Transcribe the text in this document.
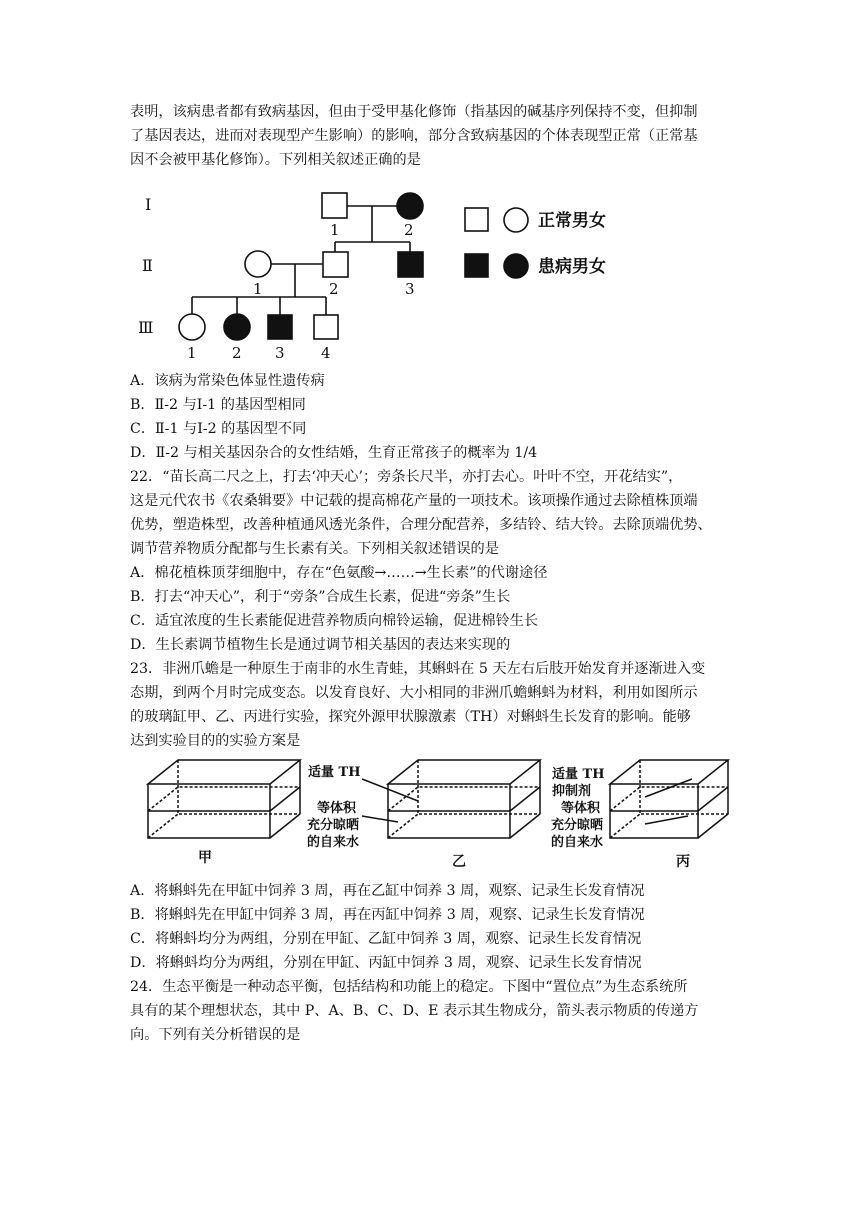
表明，该病患者都有致病基因，但由于受甲基化修饰（指基因的碱基序列保持不变，但抑制
了基因表达，进而对表现型产生影响）的影响，部分含致病基因的个体表现型正常（正常基
因不会被甲基化修饰）。下列相关叙述正确的是
Ⅰ
Ⅱ
Ⅲ
1	2
1	2	3
1 2 3 4
正常男女
患病男女
A．该病为常染色体显性遗传病
B．Ⅱ-2 与Ⅰ-1 的基因型相同
C．Ⅱ-1 与Ⅰ-2 的基因型不同
D．Ⅱ-2 与相关基因杂合的女性结婚，生育正常孩子的概率为 1/4
22．“苗长高二尺之上，打去‘冲天心’；旁条长尺半，亦打去心。叶叶不空，开花结实”，
这是元代农书《农桑辑要》中记载的提高棉花产量的一项技术。该项操作通过去除植株顶端
优势，塑造株型，改善种植通风透光条件，合理分配营养，多结铃、结大铃。去除顶端优势、
调节营养物质分配都与生长素有关。下列相关叙述错误的是
A．棉花植株顶芽细胞中，存在“色氨酸→……→生长素”的代谢途径
B．打去“冲天心”，利于“旁条”合成生长素，促进“旁条”生长
C．适宜浓度的生长素能促进营养物质向棉铃运输，促进棉铃生长
D．生长素调节植物生长是通过调节相关基因的表达来实现的
23．非洲爪蟾是一种原生于南非的水生青蛙，其蝌蚪在 5 天左右后肢开始发育并逐渐进入变
态期，到两个月时完成变态。以发育良好、大小相同的非洲爪蟾蝌蚪为材料，利用如图所示
的玻璃缸甲、乙、丙进行实验，探究外源甲状腺激素（TH）对蝌蚪生长发育的影响。能够
达到实验目的的实验方案是
适量 TH
等体积
充分晾晒
的自来水
适量 TH
抑制剂
等体积
充分晾晒
的自来水
甲	乙	丙
A．将蝌蚪先在甲缸中饲养 3 周，再在乙缸中饲养 3 周，观察、记录生长发育情况
B．将蝌蚪先在甲缸中饲养 3 周，再在丙缸中饲养 3 周，观察、记录生长发育情况
C．将蝌蚪均分为两组，分别在甲缸、乙缸中饲养 3 周，观察、记录生长发育情况
D．将蝌蚪均分为两组，分别在甲缸、丙缸中饲养 3 周，观察、记录生长发育情况
24．生态平衡是一种动态平衡，包括结构和功能上的稳定。下图中“置位点”为生态系统所
具有的某个理想状态，其中 P、A、B、C、D、E 表示其生物成分，箭头表示物质的传递方
向。下列有关分析错误的是
